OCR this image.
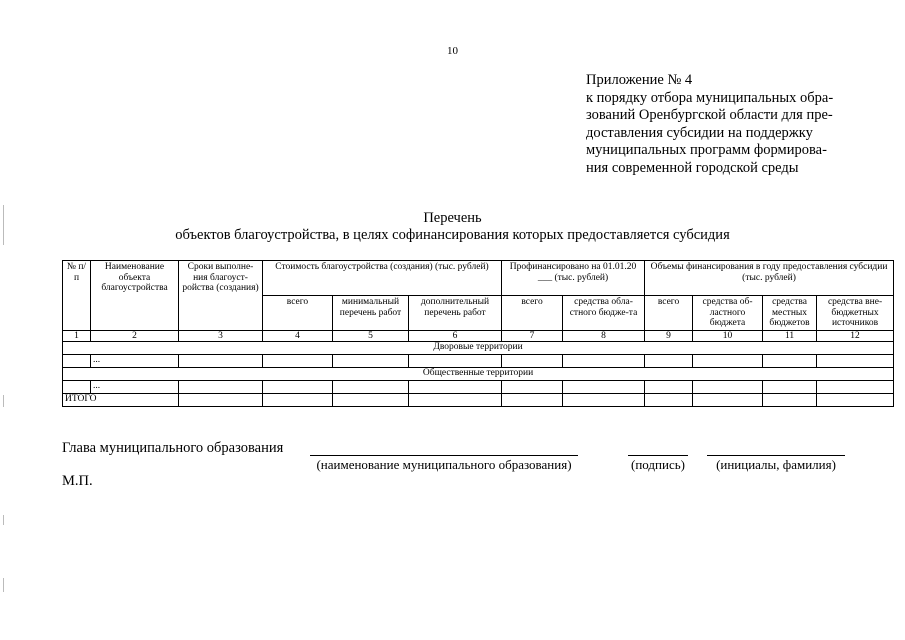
10
Приложение № 4
к порядку отбора муниципальных обра-
зований Оренбургской области для пре-
доставления субсидии на поддержку
муниципальных программ формирова-
ния современной городской среды
Перечень
объектов благоустройства, в целях софинансирования которых предоставляется субсидия
№ п/п	Наименование объекта благоустройства	Сроки выполне-ния благоуст-ройства (создания)	Стоимость благоустройства (создания) (тыс. рублей)			Профинансировано на 01.01.20 ___ (тыс. рублей)		Объемы финансирования в году предоставления субсидии (тыс. рублей)			
			всего	минимальный перечень работ	дополнительный перечень работ	всего	средства обла-стного бюдже-та	всего	средства об-ластного бюджета	средства местных бюджетов	средства вне-бюджетных источников
1	2	3	4	5	6	7	8	9	10	11	12
Дворовые территории											
	...										
Общественные территории											
	...										
ИТОГО											
Глава муниципального образования
(наименование муниципального образования)	(подпись)	(инициалы, фамилия)
М.П.
